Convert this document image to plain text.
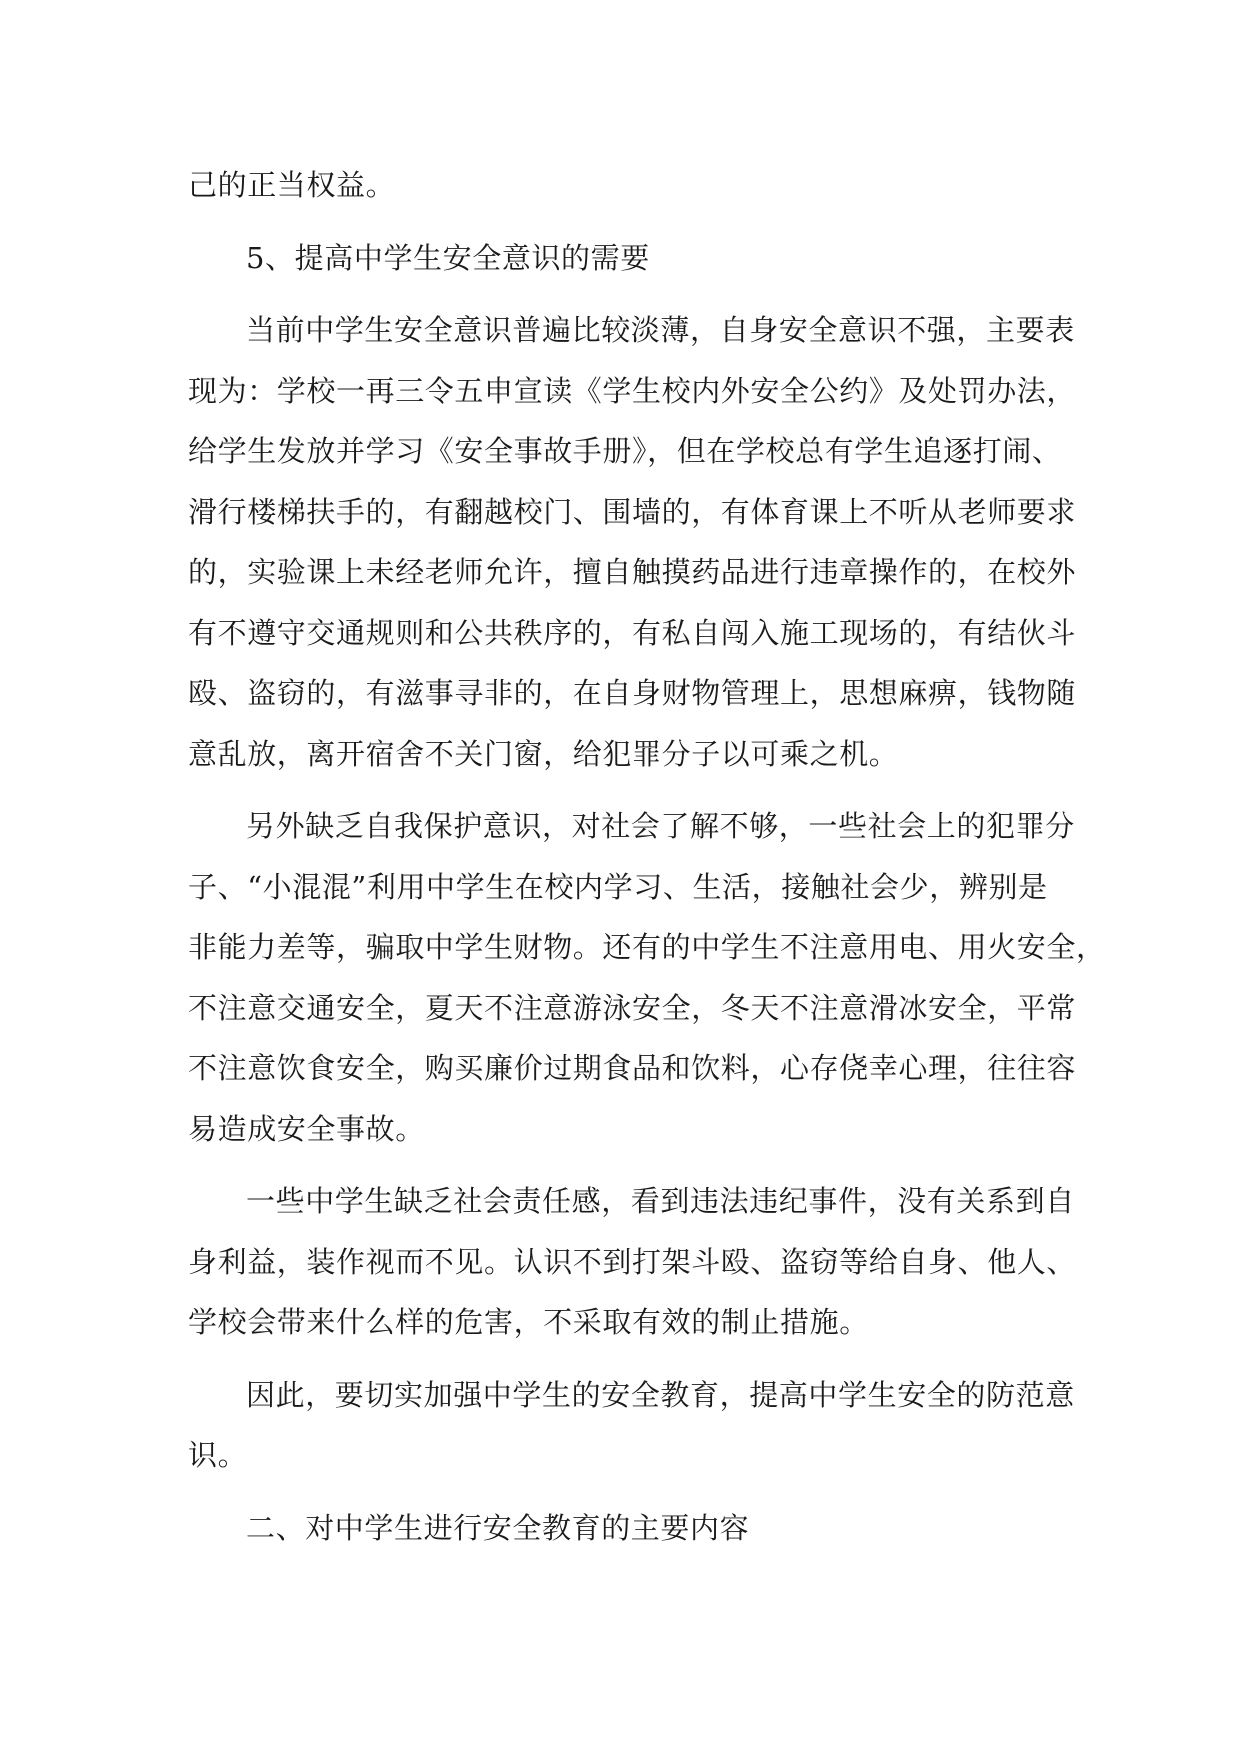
己的正当权益。
5、提高中学生安全意识的需要
当前中学生安全意识普遍比较淡薄，自身安全意识不强，主要表
现为：学校一再三令五申宣读《学生校内外安全公约》及处罚办法，
给学生发放并学习《安全事故手册》，但在学校总有学生追逐打闹、
滑行楼梯扶手的，有翻越校门、围墙的，有体育课上不听从老师要求
的，实验课上未经老师允许，擅自触摸药品进行违章操作的，在校外
有不遵守交通规则和公共秩序的，有私自闯入施工现场的，有结伙斗
殴、盗窃的，有滋事寻非的，在自身财物管理上，思想麻痹，钱物随
意乱放，离开宿舍不关门窗，给犯罪分子以可乘之机。
另外缺乏自我保护意识，对社会了解不够，一些社会上的犯罪分
子、“小混混”利用中学生在校内学习、生活，接触社会少，辨别是
非能力差等，骗取中学生财物。还有的中学生不注意用电、用火安全，
不注意交通安全，夏天不注意游泳安全，冬天不注意滑冰安全，平常
不注意饮食安全，购买廉价过期食品和饮料，心存侥幸心理，往往容
易造成安全事故。
一些中学生缺乏社会责任感，看到违法违纪事件，没有关系到自
身利益，装作视而不见。认识不到打架斗殴、盗窃等给自身、他人、
学校会带来什么样的危害，不采取有效的制止措施。
因此，要切实加强中学生的安全教育，提高中学生安全的防范意
识。
二、对中学生进行安全教育的主要内容
